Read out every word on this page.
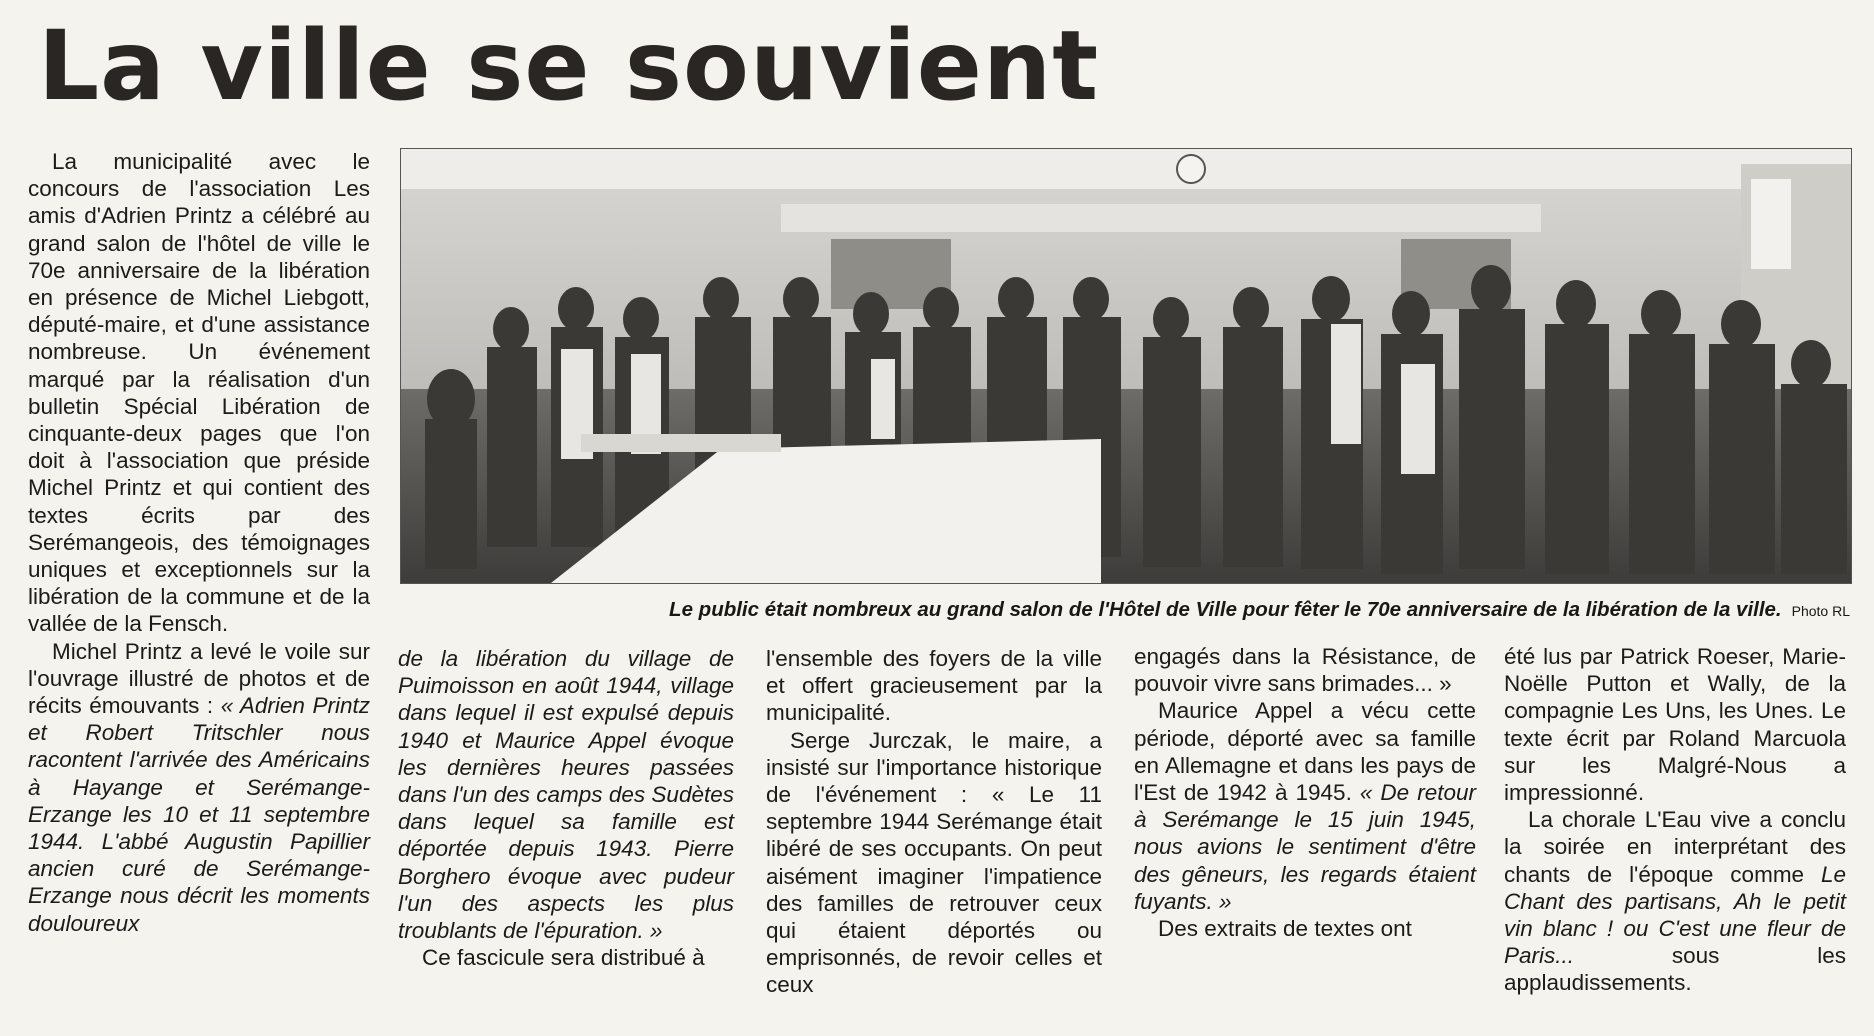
La ville se souvient

La municipalité avec le concours de l'association Les amis d'Adrien Printz a célébré au grand salon de l'hôtel de ville le 70e anniversaire de la libération en présence de Michel Liebgott, député-maire, et d'une assistance nombreuse. Un événement marqué par la réalisation d'un bulletin Spécial Libération de cinquante-deux pages que l'on doit à l'association que préside Michel Printz et qui contient des textes écrits par des Serémangeois, des témoignages uniques et exceptionnels sur la libération de la commune et de la vallée de la Fensch.

Michel Printz a levé le voile sur l'ouvrage illustré de photos et de récits émouvants : « Adrien Printz et Robert Tritschler nous racontent l'arrivée des Américains à Hayange et Serémange-Erzange les 10 et 11 septembre 1944. L'abbé Augustin Papillier ancien curé de Serémange-Erzange nous décrit les moments douloureux

Le public était nombreux au grand salon de l'Hôtel de Ville pour fêter le 70e anniversaire de la libération de la ville. Photo RL

de la libération du village de Puimoisson en août 1944, village dans lequel il est expulsé depuis 1940 et Maurice Appel évoque les dernières heures passées dans l'un des camps des Sudètes dans lequel sa famille est déportée depuis 1943. Pierre Borghero évoque avec pudeur l'un des aspects les plus troublants de l'épuration. »

Ce fascicule sera distribué à

l'ensemble des foyers de la ville et offert gracieusement par la municipalité.

Serge Jurczak, le maire, a insisté sur l'importance historique de l'événement : « Le 11 septembre 1944 Serémange était libéré de ses occupants. On peut aisément imaginer l'impatience des familles de retrouver ceux qui étaient déportés ou emprisonnés, de revoir celles et ceux

engagés dans la Résistance, de pouvoir vivre sans brimades... »

Maurice Appel a vécu cette période, déporté avec sa famille en Allemagne et dans les pays de l'Est de 1942 à 1945. « De retour à Serémange le 15 juin 1945, nous avions le sentiment d'être des gêneurs, les regards étaient fuyants. »

Des extraits de textes ont

été lus par Patrick Roeser, Marie-Noëlle Putton et Wally, de la compagnie Les Uns, les Unes. Le texte écrit par Roland Marcuola sur les Malgré-Nous a impressionné.

La chorale L'Eau vive a conclu la soirée en interprétant des chants de l'époque comme Le Chant des partisans, Ah le petit vin blanc ! ou C'est une fleur de Paris...	sous les applaudissements.
